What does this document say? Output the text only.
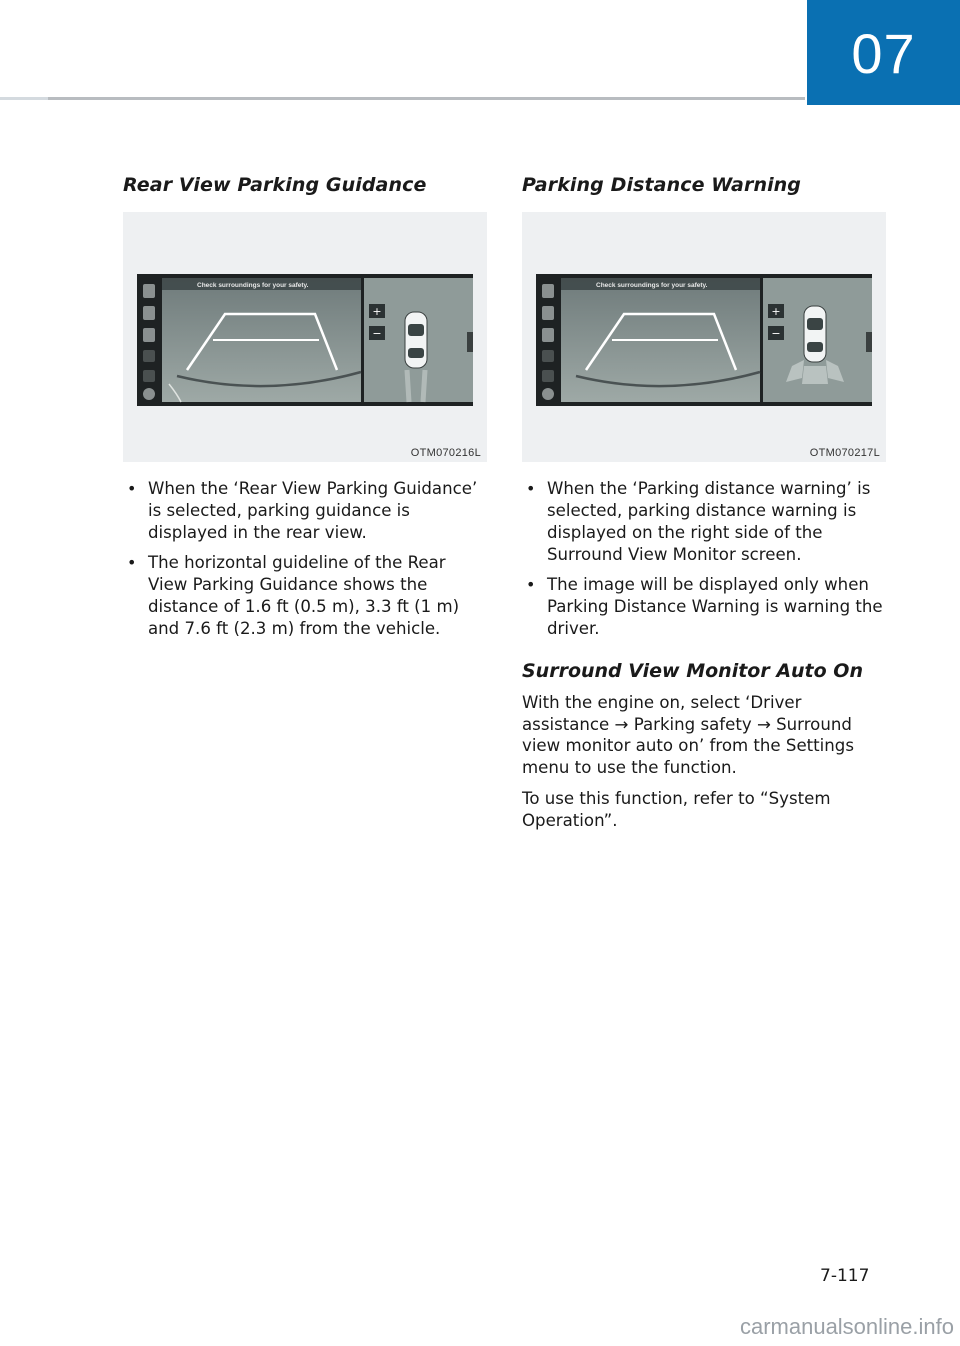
07
Rear View Parking Guidance
Check surroundings for your safety.
+
−
OTM070216L
• When the ‘Rear View Parking Guidance’ is selected, parking guidance is displayed in the rear view.
• The horizontal guideline of the Rear View Parking Guidance shows the distance of 1.6 ft (0.5 m), 3.3 ft (1 m) and 7.6 ft (2.3 m) from the vehicle.
Parking Distance Warning
Check surroundings for your safety.
+
−
OTM070217L
• When the ‘Parking distance warning’ is selected, parking distance warning is displayed on the right side of the Surround View Monitor screen.
• The image will be displayed only when Parking Distance Warning is warning the driver.
Surround View Monitor Auto On

With the engine on, select ‘Driver assistance → Parking safety → Surround view monitor auto on’ from the Settings menu to use the function.

To use this function, refer to “System Operation”.

7-117
carmanualsonline.info
